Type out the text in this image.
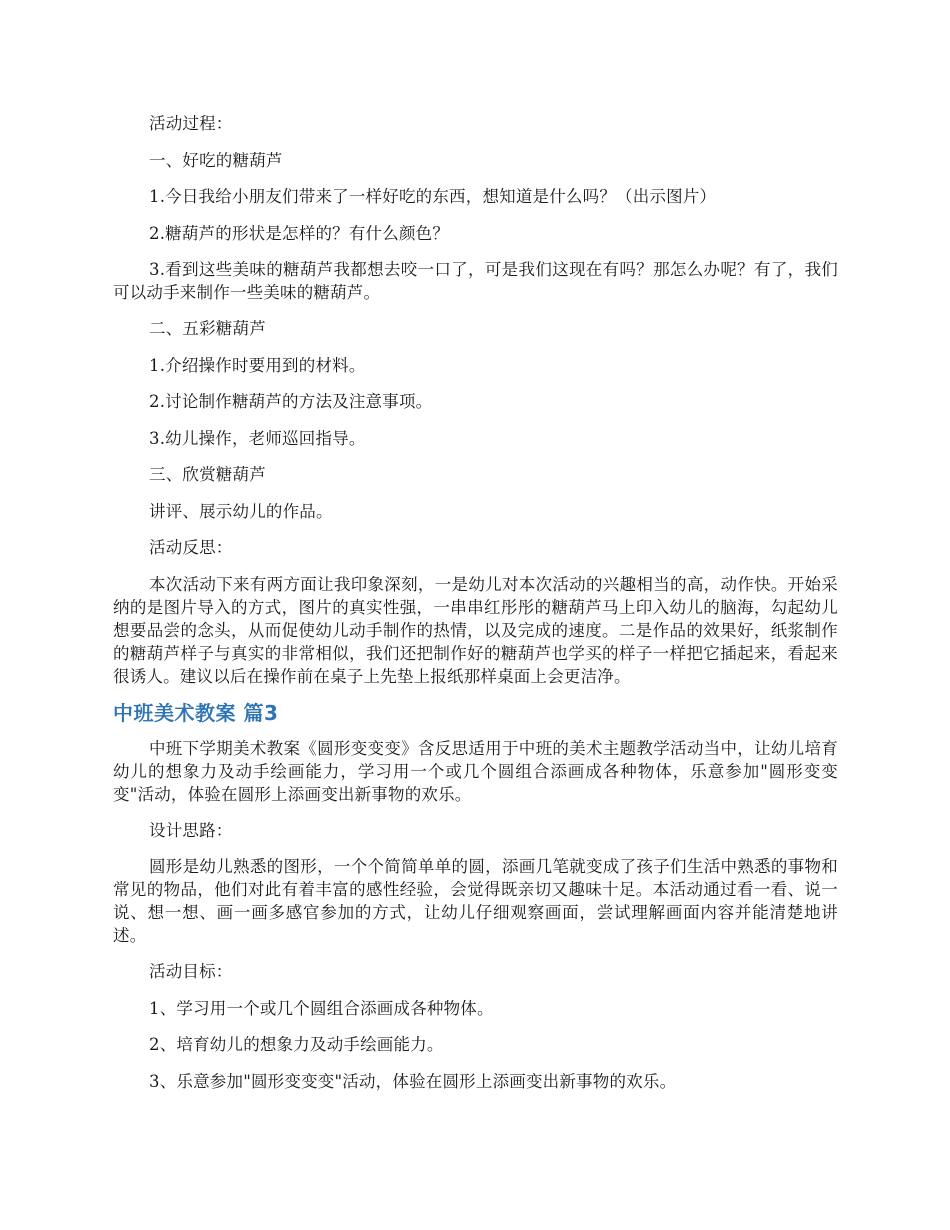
活动过程：

一、好吃的糖葫芦

1.今日我给小朋友们带来了一样好吃的东西，想知道是什么吗？（出示图片）

2.糖葫芦的形状是怎样的？有什么颜色？

3.看到这些美味的糖葫芦我都想去咬一口了，可是我们这现在有吗？那怎么办呢？有了，我们可以动手来制作一些美味的糖葫芦。

二、五彩糖葫芦

1.介绍操作时要用到的材料。

2.讨论制作糖葫芦的方法及注意事项。

3.幼儿操作，老师巡回指导。

三、欣赏糖葫芦

讲评、展示幼儿的作品。

活动反思：

本次活动下来有两方面让我印象深刻，一是幼儿对本次活动的兴趣相当的高，动作快。开始采纳的是图片导入的方式，图片的真实性强，一串串红彤彤的糖葫芦马上印入幼儿的脑海，勾起幼儿想要品尝的念头，从而促使幼儿动手制作的热情，以及完成的速度。二是作品的效果好，纸浆制作的糖葫芦样子与真实的非常相似，我们还把制作好的糖葫芦也学买的样子一样把它插起来，看起来很诱人。建议以后在操作前在桌子上先垫上报纸那样桌面上会更洁净。

中班美术教案 篇3

中班下学期美术教案《圆形变变变》含反思适用于中班的美术主题教学活动当中，让幼儿培育幼儿的想象力及动手绘画能力，学习用一个或几个圆组合添画成各种物体，乐意参加"圆形变变变"活动，体验在圆形上添画变出新事物的欢乐。

设计思路：

圆形是幼儿熟悉的图形，一个个简简单单的圆，添画几笔就变成了孩子们生活中熟悉的事物和常见的物品，他们对此有着丰富的感性经验，会觉得既亲切又趣味十足。本活动通过看一看、说一说、想一想、画一画多感官参加的方式，让幼儿仔细观察画面，尝试理解画面内容并能清楚地讲述。

活动目标：

1、学习用一个或几个圆组合添画成各种物体。

2、培育幼儿的想象力及动手绘画能力。

3、乐意参加"圆形变变变"活动，体验在圆形上添画变出新事物的欢乐。
